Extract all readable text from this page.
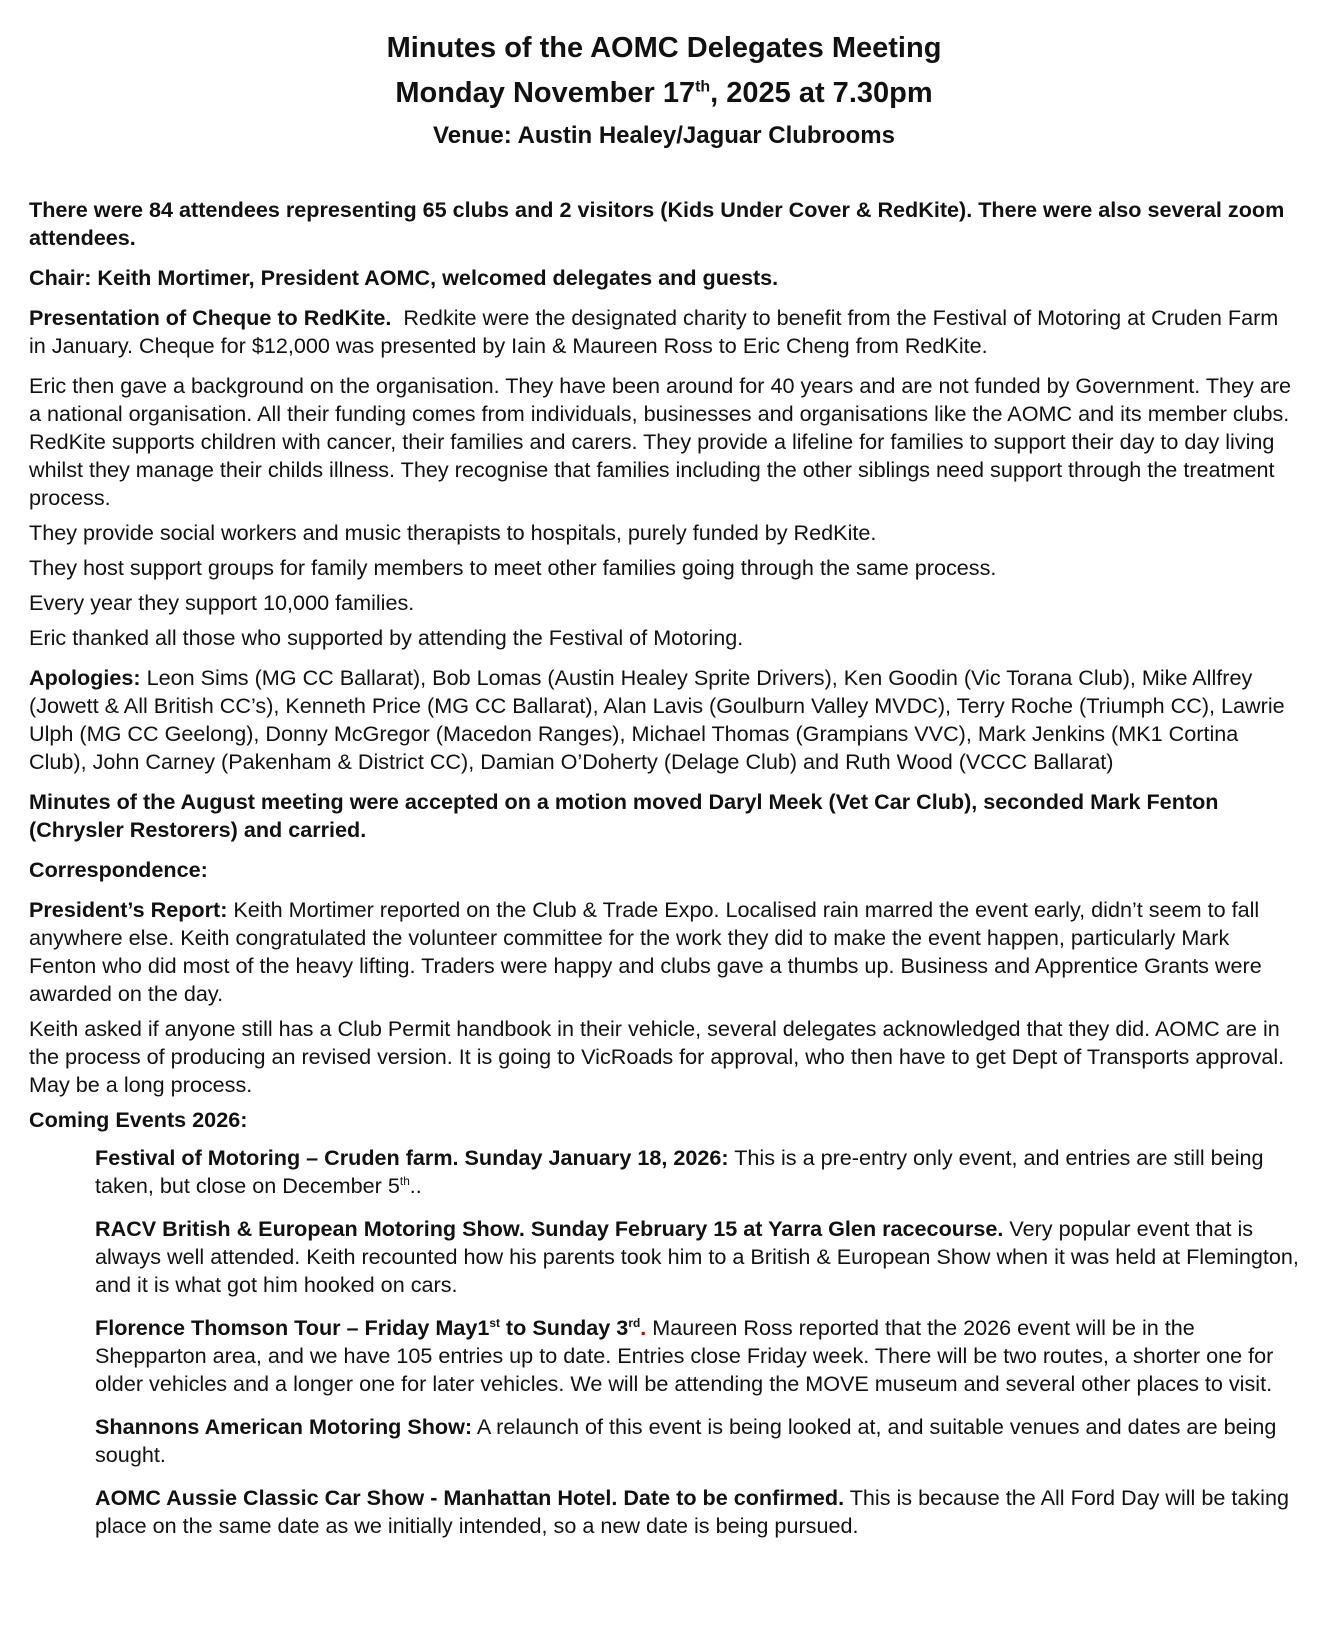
Minutes of the AOMC Delegates Meeting
Monday November 17th, 2025 at 7.30pm
Venue: Austin Healey/Jaguar Clubrooms

There were 84 attendees representing 65 clubs and 2 visitors (Kids Under Cover & RedKite). There were also several zoom attendees.

Chair: Keith Mortimer, President AOMC, welcomed delegates and guests.

Presentation of Cheque to RedKite. Redkite were the designated charity to benefit from the Festival of Motoring at Cruden Farm in January. Cheque for $12,000 was presented by Iain & Maureen Ross to Eric Cheng from RedKite.

Eric then gave a background on the organisation. They have been around for 40 years and are not funded by Government. They are a national organisation. All their funding comes from individuals, businesses and organisations like the AOMC and its member clubs. RedKite supports children with cancer, their families and carers. They provide a lifeline for families to support their day to day living whilst they manage their childs illness. They recognise that families including the other siblings need support through the treatment process.

They provide social workers and music therapists to hospitals, purely funded by RedKite.

They host support groups for family members to meet other families going through the same process.

Every year they support 10,000 families.

Eric thanked all those who supported by attending the Festival of Motoring.

Apologies: Leon Sims (MG CC Ballarat), Bob Lomas (Austin Healey Sprite Drivers), Ken Goodin (Vic Torana Club), Mike Allfrey (Jowett & All British CC’s), Kenneth Price (MG CC Ballarat), Alan Lavis (Goulburn Valley MVDC), Terry Roche (Triumph CC), Lawrie Ulph (MG CC Geelong), Donny McGregor (Macedon Ranges), Michael Thomas (Grampians VVC), Mark Jenkins (MK1 Cortina Club), John Carney (Pakenham & District CC), Damian O’Doherty (Delage Club) and Ruth Wood (VCCC Ballarat)

Minutes of the August meeting were accepted on a motion moved Daryl Meek (Vet Car Club), seconded Mark Fenton (Chrysler Restorers) and carried.

Correspondence:

President’s Report: Keith Mortimer reported on the Club & Trade Expo. Localised rain marred the event early, didn’t seem to fall anywhere else. Keith congratulated the volunteer committee for the work they did to make the event happen, particularly Mark Fenton who did most of the heavy lifting. Traders were happy and clubs gave a thumbs up. Business and Apprentice Grants were awarded on the day.

Keith asked if anyone still has a Club Permit handbook in their vehicle, several delegates acknowledged that they did. AOMC are in the process of producing an revised version. It is going to VicRoads for approval, who then have to get Dept of Transports approval. May be a long process.

Coming Events 2026:

Festival of Motoring – Cruden farm. Sunday January 18, 2026: This is a pre-entry only event, and entries are still being taken, but close on December 5th..

RACV British & European Motoring Show. Sunday February 15 at Yarra Glen racecourse. Very popular event that is always well attended. Keith recounted how his parents took him to a British & European Show when it was held at Flemington, and it is what got him hooked on cars.

Florence Thomson Tour – Friday May1st to Sunday 3rd. Maureen Ross reported that the 2026 event will be in the Shepparton area, and we have 105 entries up to date. Entries close Friday week. There will be two routes, a shorter one for older vehicles and a longer one for later vehicles. We will be attending the MOVE museum and several other places to visit.

Shannons American Motoring Show: A relaunch of this event is being looked at, and suitable venues and dates are being sought.

AOMC Aussie Classic Car Show - Manhattan Hotel. Date to be confirmed. This is because the All Ford Day will be taking place on the same date as we initially intended, so a new date is being pursued.
